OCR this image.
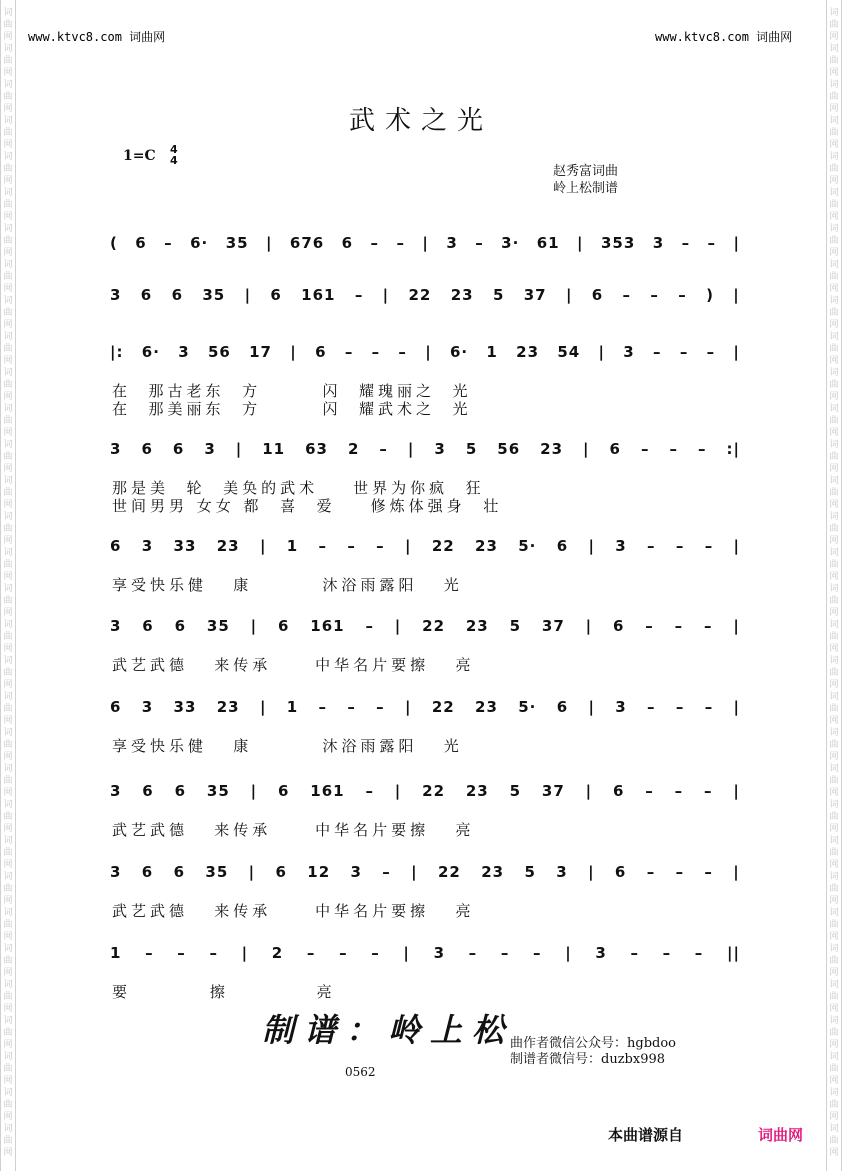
词
曲
网
词
曲
网
词
曲
网
词
曲
网
词
曲
网
词
曲
网
词
曲
网
词
曲
网
词
曲
网
词
曲
网
词
曲
网
词
曲
网
词
曲
网
词
曲
网
词
曲
网
词
曲
网
词
曲
网
词
曲
网
词
曲
网
词
曲
网
词
曲
网
词
曲
网
词
曲
网
词
曲
网
词
曲
网
词
曲
网
词
曲
网
词
曲
网
词
曲
网
词
曲
网
词
曲
网
词
曲
网
词
曲
网
词
曲
网
词
曲
网
词
曲
网
词
曲
网
词
曲
网
词
曲
网
词
曲
网
词
曲
网
词
曲
网
词
曲
网
词
曲
网
词
曲
网
词
曲
网
词
曲
网
词
曲
网
词
曲
网
词
曲
网
词
曲
网
词
曲
网
词
曲
网
词
曲
网
词
曲
网
词
曲
网
词
曲
网
词
曲
网
词
曲
网
词
曲
网
词
曲
网
词
曲
网
词
曲
网
词
曲
网
www.ktvc8.com 词曲网	www.ktvc8.com 词曲网
武术之光
1=C 4
4
赵秀富词曲
岭上松制谱
( 6 – 6· 35 | 676 6 – – | 3 – 3· 61 | 353 3 – – |
3 6 6 35 | 6 161 – | 22 23 5 37 | 6 – – – ) |
|: 6· 3 56 17 | 6 – – – | 6· 1 23 54 | 3 – – – |
在  那古老东  方       闪  耀瑰丽之  光
在  那美丽东  方       闪  耀武术之  光
3 6 6 3 | 11 63 2 – | 3 5 56 23 | 6 – – – :|
那是美  轮  美奂的武术    世界为你疯  狂
世间男男 女女 都  喜  爱    修炼体强身  壮
6 3 33 23 | 1 – – – | 22 23 5· 6 | 3 – – – |
享受快乐健   康        沐浴雨露阳   光
3 6 6 35 | 6 161 – | 22 23 5 37 | 6 – – – |
武艺武德   来传承     中华名片要擦   亮
6 3 33 23 | 1 – – – | 22 23 5· 6 | 3 – – – |
享受快乐健   康        沐浴雨露阳   光
3 6 6 35 | 6 161 – | 22 23 5 37 | 6 – – – |
武艺武德   来传承     中华名片要擦   亮
3 6 6 35 | 6 12 3 – | 22 23 5 3 | 6 – – – |
武艺武德   来传承     中华名片要擦   亮
1 – – – | 2 – – – | 3 – – – | 3 – – – ||
要         擦          亮
制谱：岭上松
曲作者微信公众号：hgbdoo
制谱者微信号：duzbx998
0562
本曲谱源自	词曲网
